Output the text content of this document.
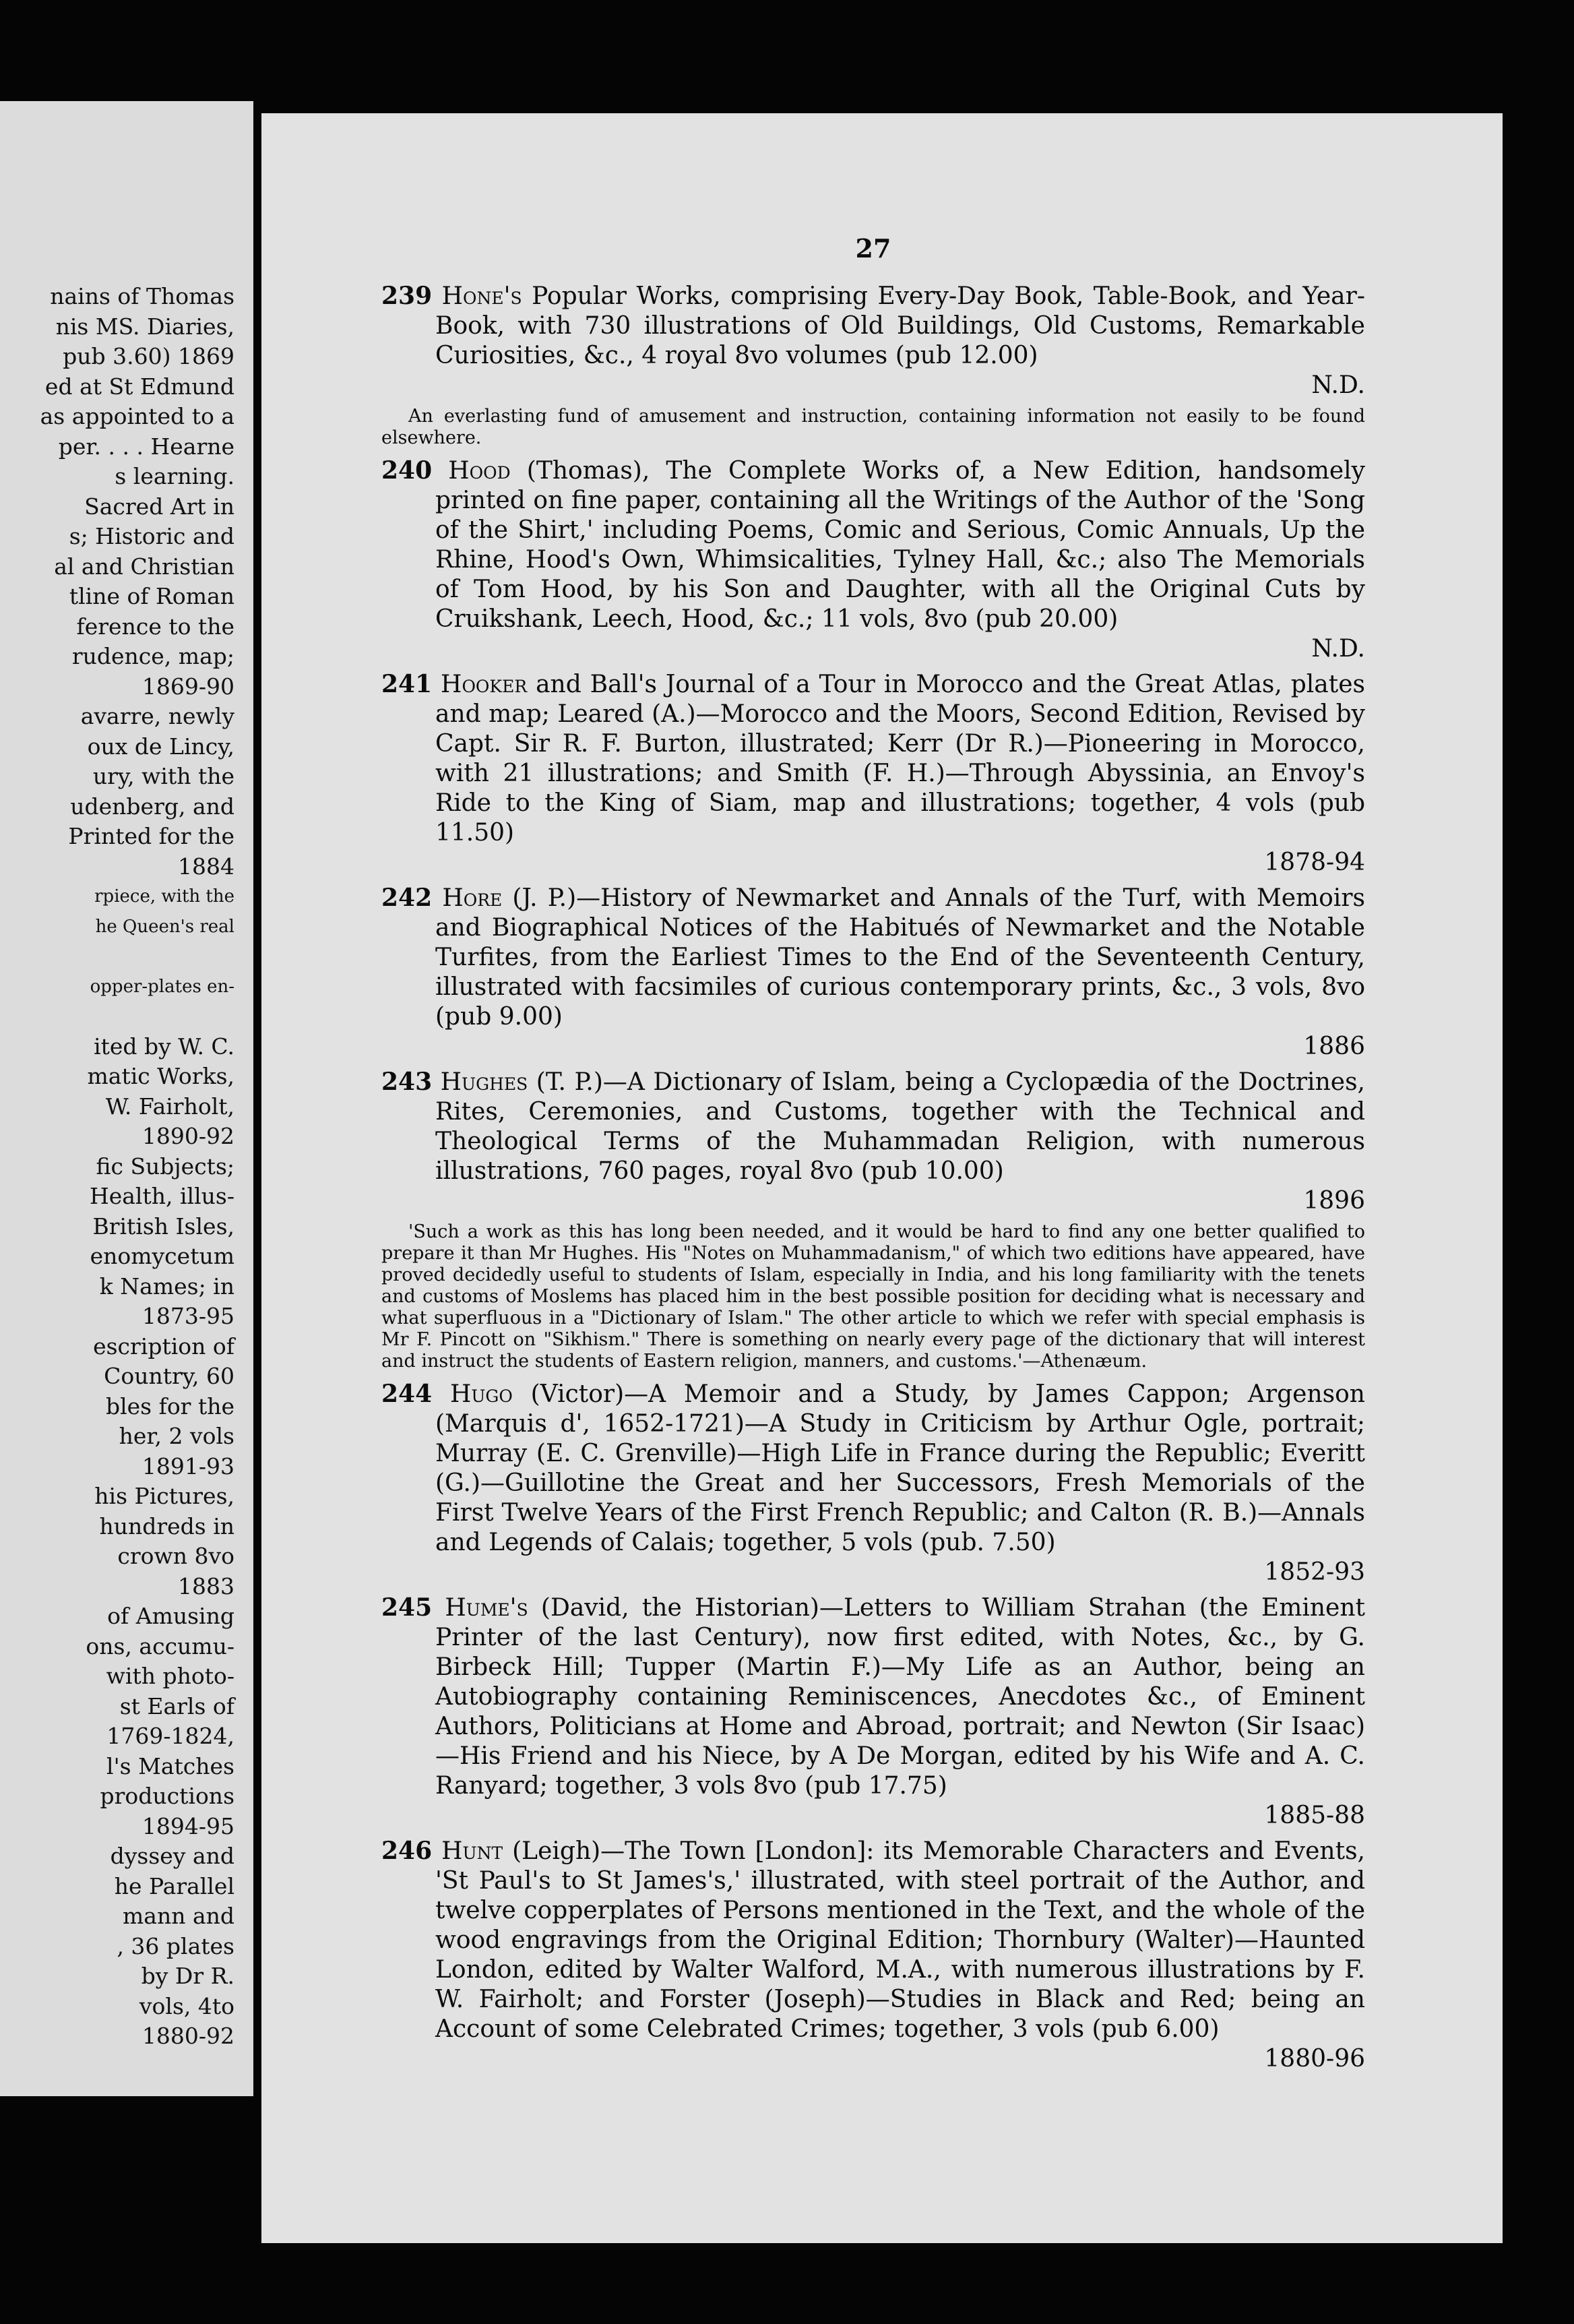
nains of Thomas
nis MS. Diaries,
pub 3.60) 1869
ed at St Edmund
as appointed to a
per. . . . Hearne
s learning.
Sacred Art in
s; Historic and
al and Christian
tline of Roman
ference to the
rudence, map;
1869-90
avarre, newly
oux de Lincy,
ury, with the
udenberg, and
Printed for the
1884
rpiece, with the
he Queen's real

opper-plates en-

ited by W. C.
matic Works,
W. Fairholt,
1890-92
fic Subjects;
Health, illus-
British Isles,
enomycetum
k Names; in
1873-95
escription of
Country, 60
bles for the
her, 2 vols
1891-93
his Pictures,
hundreds in
crown 8vo
1883
of Amusing
ons, accumu-
with photo-
st Earls of
1769-1824,
l's Matches
productions
1894-95
dyssey and
he Parallel
mann and
, 36 plates
by Dr R.
vols, 4to
1880-92
27
239 Hone's Popular Works, comprising Every-Day Book, Table-Book, and Year-Book, with 730 illustrations of Old Buildings, Old Customs, Remarkable Curiosities, &c., 4 royal 8vo volumes (pub 12.00)
N.D.
An everlasting fund of amusement and instruction, containing information not easily to be found elsewhere.
240 Hood (Thomas), The Complete Works of, a New Edition, handsomely printed on fine paper, containing all the Writings of the Author of the 'Song of the Shirt,' including Poems, Comic and Serious, Comic Annuals, Up the Rhine, Hood's Own, Whimsicalities, Tylney Hall, &c.; also The Memorials of Tom Hood, by his Son and Daughter, with all the Original Cuts by Cruikshank, Leech, Hood, &c.; 11 vols, 8vo (pub 20.00)
N.D.
241 Hooker and Ball's Journal of a Tour in Morocco and the Great Atlas, plates and map; Leared (A.)—Morocco and the Moors, Second Edition, Revised by Capt. Sir R. F. Burton, illustrated; Kerr (Dr R.)—Pioneering in Morocco, with 21 illustrations; and Smith (F. H.)—Through Abyssinia, an Envoy's Ride to the King of Siam, map and illustrations; together, 4 vols (pub 11.50)
1878-94
242 Hore (J. P.)—History of Newmarket and Annals of the Turf, with Memoirs and Biographical Notices of the Habitués of Newmarket and the Notable Turfites, from the Earliest Times to the End of the Seventeenth Century, illustrated with facsimiles of curious contemporary prints, &c., 3 vols, 8vo (pub 9.00)
1886
243 Hughes (T. P.)—A Dictionary of Islam, being a Cyclopædia of the Doctrines, Rites, Ceremonies, and Customs, together with the Technical and Theological Terms of the Muhammadan Religion, with numerous illustrations, 760 pages, royal 8vo (pub 10.00)
1896
'Such a work as this has long been needed, and it would be hard to find any one better qualified to prepare it than Mr Hughes. His "Notes on Muhammadanism," of which two editions have appeared, have proved decidedly useful to students of Islam, especially in India, and his long familiarity with the tenets and customs of Moslems has placed him in the best possible position for deciding what is necessary and what superfluous in a "Dictionary of Islam." The other article to which we refer with special emphasis is Mr F. Pincott on "Sikhism." There is something on nearly every page of the dictionary that will interest and instruct the students of Eastern religion, manners, and customs.'—Athenæum.
244 Hugo (Victor)—A Memoir and a Study, by James Cappon; Argenson (Marquis d', 1652-1721)—A Study in Criticism by Arthur Ogle, portrait; Murray (E. C. Grenville)—High Life in France during the Republic; Everitt (G.)—Guillotine the Great and her Successors, Fresh Memorials of the First Twelve Years of the First French Republic; and Calton (R. B.)—Annals and Legends of Calais; together, 5 vols (pub. 7.50)
1852-93
245 Hume's (David, the Historian)—Letters to William Strahan (the Eminent Printer of the last Century), now first edited, with Notes, &c., by G. Birbeck Hill; Tupper (Martin F.)—My Life as an Author, being an Autobiography containing Reminiscences, Anecdotes &c., of Eminent Authors, Politicians at Home and Abroad, portrait; and Newton (Sir Isaac)—His Friend and his Niece, by A De Morgan, edited by his Wife and A. C. Ranyard; together, 3 vols 8vo (pub 17.75)
1885-88
246 Hunt (Leigh)—The Town [London]: its Memorable Characters and Events, 'St Paul's to St James's,' illustrated, with steel portrait of the Author, and twelve copperplates of Persons mentioned in the Text, and the whole of the wood engravings from the Original Edition; Thornbury (Walter)—Haunted London, edited by Walter Walford, M.A., with numerous illustrations by F. W. Fairholt; and Forster (Joseph)—Studies in Black and Red; being an Account of some Celebrated Crimes; together, 3 vols (pub 6.00)
1880-96
